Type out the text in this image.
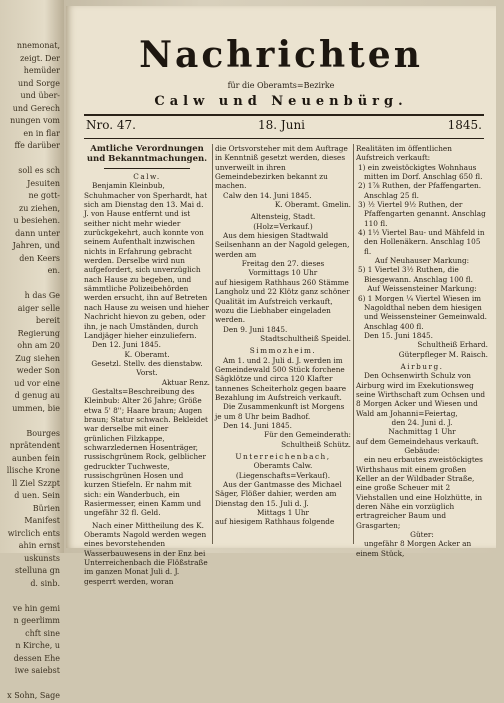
nnemonat,
zeigt. Der
hemüder
und Sorge
und über-
und Gerech
nungen vom
en in flar
ffe darüber

soll es sch
Jesuiten
ne gott-
zu ziehen,
u besiehen.
dann unter
Jahren, und
den Keers
en.

h das Ge
aiger selle
bereit
Regierung
ohn am 20
Zug siehen
weder Son
ud vor eine
d genug au
ummen, bie

Bourges
nprätendent
aunben fein
llische Krone
ll Ziel Szzpt
d uen. Sein
Bürien
Manifest
wirclich ents
ahin ernst
uskunsts
stelluna gn
d. sinb.

ve hin gemi
n geerlimm
chft sine
n Kirche, u
dessen Ehe
iwe saiebst

x Sohn, Sage
Nachrichten
für die Oberamts=Bezirke
Calw und Neuenbürg.
Nro. 47.	18. Juni	1845.

Amtliche Verordnungen und Bekanntmachungen.

Calw.

Benjamin Kleinbub, Schuhmacher von Sperhardt, hat sich am Dienstag den 13. Mai d. J. von Hause entfernt und ist seither nicht mehr wieder zurückgekehrt, auch konnte von seinem Aufenthalt inzwischen nichts in Erfahrung gebracht werden. Derselbe wird nun aufgefordert, sich unverzüglich nach Hause zu begeben, und sämmtliche Polizeibehörden werden ersucht, ihn auf Betreten nach Hause zu weisen und hieher Nachricht hievon zu geben, oder ihn, je nach Umständen, durch Landjäger hieher einzuliefern.

Den 12. Juni 1845.

K. Oberamt.

Gesetzl. Stellv. des dienstabw. Vorst.

Aktuar Renz.

Gestalts=Beschreibung des Kleinbub: Alter 26 Jahre; Größe etwa 5' 8''; Haare braun; Augen braun; Statur schwach. Bekleidet war derselbe mit einer grünlichen Filzkappe, schwarzledernen Hosenträger, russischgrünem Rock, gelblicher gedruckter Tuchweste, russischgrünen Hosen und kurzen Stiefeln. Er nahm mit sich: ein Wanderbuch, ein Rasiermesser, einen Kamm und ungefähr 32 fl. Geld.

Nach einer Mittheilung des K. Oberamts Nagold werden wegen eines bevorstehenden Wasserbauwesens in der Enz bei Unterreichenbach die Flößstraße im ganzen Monat Juli d. J. gesperrt werden, woran

die Ortsvorsteher mit dem Auftrage in Kenntniß gesetzt werden, dieses unverweilt in ihren Gemeindebezirken bekannt zu machen.

Calw den 14. Juni 1845.

K. Oberamt. Gmelin.

Altensteig, Stadt.

(Holz=Verkauf.)

Aus dem hiesigen Stadtwald Seilsenhann an der Nagold gelegen, werden am

Freitag den 27. dieses

Vormittags 10 Uhr

auf hiesigem Rathhaus 260 Stämme Langholz und 22 Klötz ganz schöner Qualität im Aufstreich verkauft, wozu die Liebhaber eingeladen werden.

Den 9. Juni 1845.

Stadtschultheiß Speidel.

Simmozheim.

Am 1. und 2. Juli d. J. werden im Gemeindewald 500 Stück forchene Sägklötze und circa 120 Klafter tannenes Scheiterholz gegen baare Bezahlung im Aufstreich verkauft.

Die Zusammenkunft ist Morgens je um 8 Uhr beim Badhof.

Den 14. Juni 1845.

Für den Gemeinderath:

Schultheiß Schütz.

Unterreichenbach,

Oberamts Calw.

(Liegenschafts=Verkauf).

Aus der Gantmasse des Michael Säger, Flößer dahier, werden am Dienstag den 15. Juli d. J.

Mittags 1 Uhr

auf hiesigem Rathhaus folgende

Realitäten im öffentlichen Aufstreich verkauft:

1) ein zweistöckigtes Wohnhaus mitten im Dorf. Anschlag 650 fl.

2) 1⅞ Ruthen, der Pfaffengarten. Anschlag 25 fl.

3) ½ Viertel 9½ Ruthen, der Pfaffengarten genannt. Anschlag 110 fl.

4) 1½ Viertel Bau- und Mähfeld in den Hollenäkern. Anschlag 105 fl.

Auf Neuhauser Markung:

5) 1 Viertel 3½ Ruthen, die Biesgewann. Anschlag 100 fl.

Auf Weissensteiner Markung:

6) 1 Morgen ¼ Viertel Wiesen im Nagoldthal neben dem hiesigen und Weissensteiner Gemeinwald. Anschlag 400 fl.

Den 15. Juni 1845.

Schultheiß Erhard.

Güterpfleger M. Raisch.

Airburg.

Den Ochsenwirth Schulz von Airburg wird im Exekutionsweg seine Wirthschaft zum Ochsen und 8 Morgen Acker und Wiesen und Wald am Johanni=Feiertag,

den 24. Juni d. J.

Nachmittag 1 Uhr

auf dem Gemeindehaus verkauft.

Gebäude:

ein neu erbautes zweistöckigtes Wirthshaus mit einem großen Keller an der Wildbader Straße, eine große Scheuer mit 2 Viehstallen und eine Holzhütte, in deren Nähe ein vorzüglich ertragreicher Baum und Grasgarten;

Güter:

ungefähr 8 Morgen Acker an einem Stück,
